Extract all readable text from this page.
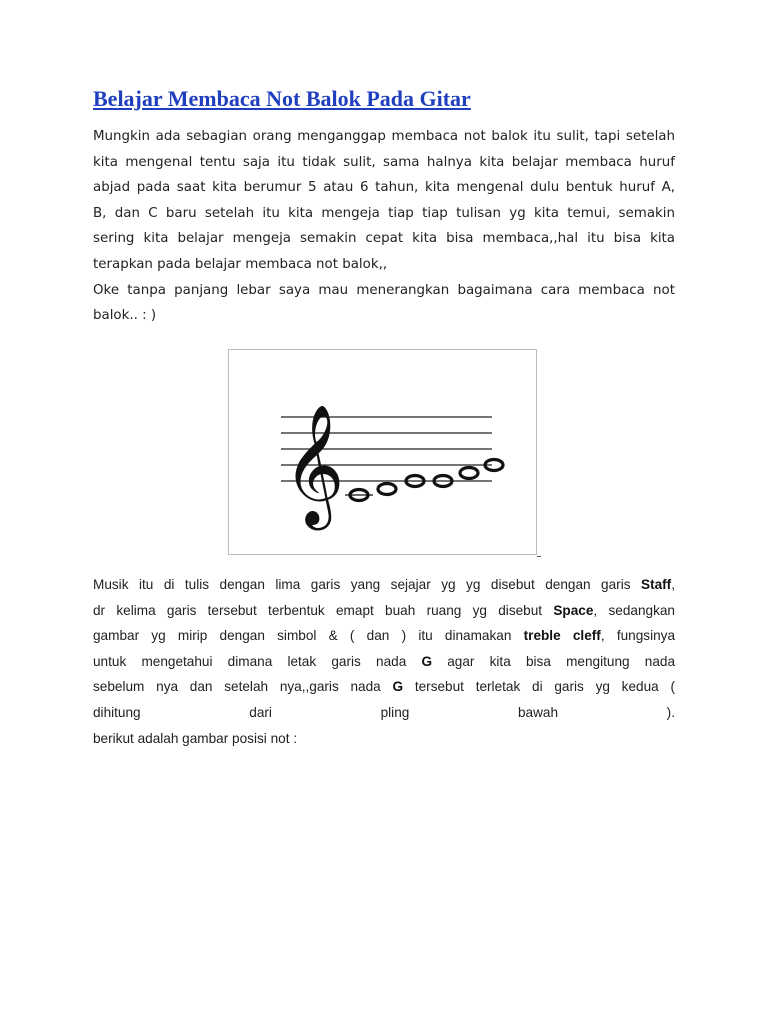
Belajar Membaca Not Balok Pada Gitar
Mungkin ada sebagian orang menganggap membaca not balok itu sulit, tapi setelah
kita mengenal tentu saja itu tidak sulit, sama halnya kita belajar membaca huruf
abjad pada saat kita berumur 5 atau 6 tahun, kita mengenal dulu bentuk huruf A,
B, dan C baru setelah itu kita mengeja tiap tiap tulisan yg kita temui, semakin
sering kita belajar mengeja semakin cepat kita bisa membaca,,hal itu bisa kita
terapkan pada belajar membaca not balok,,
Oke tanpa panjang lebar saya mau menerangkan bagaimana cara membaca not
balok.. : )
𝄞
Musik itu di tulis dengan lima garis yang sejajar yg yg disebut dengan garis Staff,
dr kelima garis tersebut terbentuk emapt buah ruang yg disebut Space, sedangkan
gambar yg mirip dengan simbol & ( dan ) itu dinamakan treble cleff, fungsinya
untuk mengetahui dimana letak garis nada G agar kita bisa mengitung nada
sebelum nya dan setelah nya,,garis nada G tersebut terletak di garis yg kedua (
dihitung dari pling bawah ).
berikut adalah gambar posisi not :
